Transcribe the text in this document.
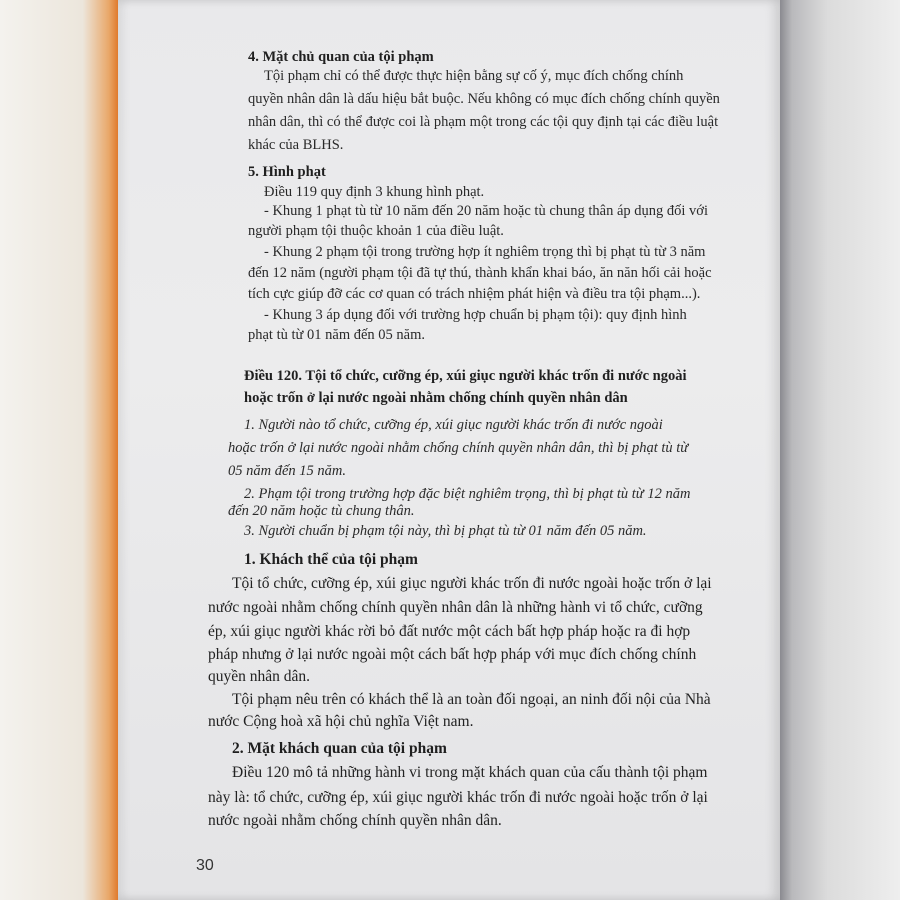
4. Mặt chủ quan của tội phạm
Tội phạm chỉ có thể được thực hiện bằng sự cố ý, mục đích chống chính
quyền nhân dân là dấu hiệu bắt buộc. Nếu không có mục đích chống chính quyền
nhân dân, thì có thể được coi là phạm một trong các tội quy định tại các điều luật
khác của BLHS.
5. Hình phạt
Điều 119 quy định 3 khung hình phạt.
- Khung 1 phạt tù từ 10 năm đến 20 năm hoặc tù chung thân áp dụng đối với
người phạm tội thuộc khoản 1 của điều luật.
- Khung 2 phạm tội trong trường hợp ít nghiêm trọng thì bị phạt tù từ 3 năm
đến 12 năm (người phạm tội đã tự thú, thành khẩn khai báo, ăn năn hối cải hoặc
tích cực giúp đỡ các cơ quan có trách nhiệm phát hiện và điều tra tội phạm...).
- Khung 3 áp dụng đối với trường hợp chuẩn bị phạm tội): quy định hình
phạt tù từ 01 năm đến 05 năm.
Điều 120. Tội tổ chức, cưỡng ép, xúi giục người khác trốn đi nước ngoài
hoặc trốn ở lại nước ngoài nhằm chống chính quyền nhân dân
1. Người nào tổ chức, cưỡng ép, xúi giục người khác trốn đi nước ngoài
hoặc trốn ở lại nước ngoài nhằm chống chính quyền nhân dân, thì bị phạt tù từ
05 năm đến 15 năm.
2. Phạm tội trong trường hợp đặc biệt nghiêm trọng, thì bị phạt tù từ 12 năm
đến 20 năm hoặc tù chung thân.
3. Người chuẩn bị phạm tội này, thì bị phạt tù từ 01 năm đến 05 năm.
1. Khách thể của tội phạm
Tội tổ chức, cưỡng ép, xúi giục người khác trốn đi nước ngoài hoặc trốn ở lại
nước ngoài nhằm chống chính quyền nhân dân là những hành vi tổ chức, cưỡng
ép, xúi giục người khác rời bỏ đất nước một cách bất hợp pháp hoặc ra đi hợp
pháp nhưng ở lại nước ngoài một cách bất hợp pháp với mục đích chống chính
quyền nhân dân.
Tội phạm nêu trên có khách thể là an toàn đối ngoại, an ninh đối nội của Nhà
nước Cộng hoà xã hội chủ nghĩa Việt nam.
2. Mặt khách quan của tội phạm
Điều 120 mô tả những hành vi trong mặt khách quan của cấu thành tội phạm
này là: tổ chức, cưỡng ép, xúi giục người khác trốn đi nước ngoài hoặc trốn ở lại
nước ngoài nhằm chống chính quyền nhân dân.
30
